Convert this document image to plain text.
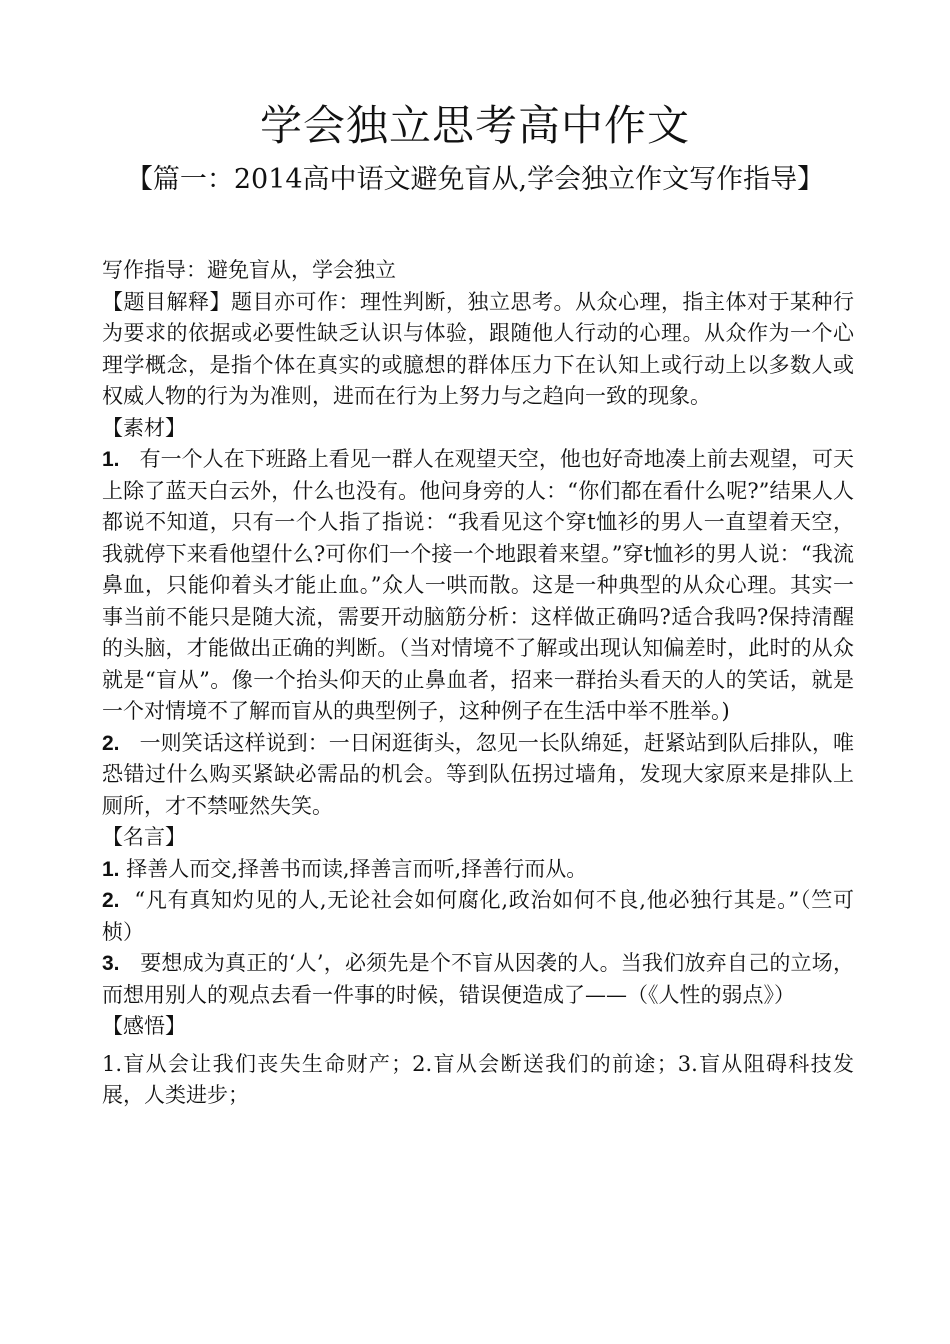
学会独立思考高中作文
【篇一：2014高中语文避免盲从,学会独立作文写作指导】

写作指导：避免盲从，学会独立

【题目解释】题目亦可作：理性判断，独立思考。从众心理，指主体对于某种行为要求的依据或必要性缺乏认识与体验，跟随他人行动的心理。从众作为一个心理学概念，是指个体在真实的或臆想的群体压力下在认知上或行动上以多数人或权威人物的行为为准则，进而在行为上努力与之趋向一致的现象。

【素材】

1. 有一个人在下班路上看见一群人在观望天空，他也好奇地凑上前去观望，可天上除了蓝天白云外，什么也没有。他问身旁的人：“你们都在看什么呢?”结果人人都说不知道，只有一个人指了指说：“我看见这个穿t恤衫的男人一直望着天空，我就停下来看他望什么?可你们一个接一个地跟着来望。”穿t恤衫的男人说：“我流鼻血，只能仰着头才能止血。”众人一哄而散。这是一种典型的从众心理。其实一事当前不能只是随大流，需要开动脑筋分析：这样做正确吗?适合我吗?保持清醒的头脑，才能做出正确的判断。（当对情境不了解或出现认知偏差时，此时的从众就是“盲从”。像一个抬头仰天的止鼻血者，招来一群抬头看天的人的笑话，就是一个对情境不了解而盲从的典型例子，这种例子在生活中举不胜举。)

2. 一则笑话这样说到：一日闲逛街头，忽见一长队绵延，赶紧站到队后排队，唯恐错过什么购买紧缺必需品的机会。等到队伍拐过墙角，发现大家原来是排队上厕所，才不禁哑然失笑。

【名言】

1. 择善人而交,择善书而读,择善言而听,择善行而从。

2. “凡有真知灼见的人,无论社会如何腐化,政治如何不良,他必独行其是。”（竺可桢）

3. 要想成为真正的‘人’，必须先是个不盲从因袭的人。当我们放弃自己的立场，而想用别人的观点去看一件事的时候，错误便造成了——（《人性的弱点》）

【感悟】

1.盲从会让我们丧失生命财产；2.盲从会断送我们的前途；3.盲从阻碍科技发展，人类进步；
